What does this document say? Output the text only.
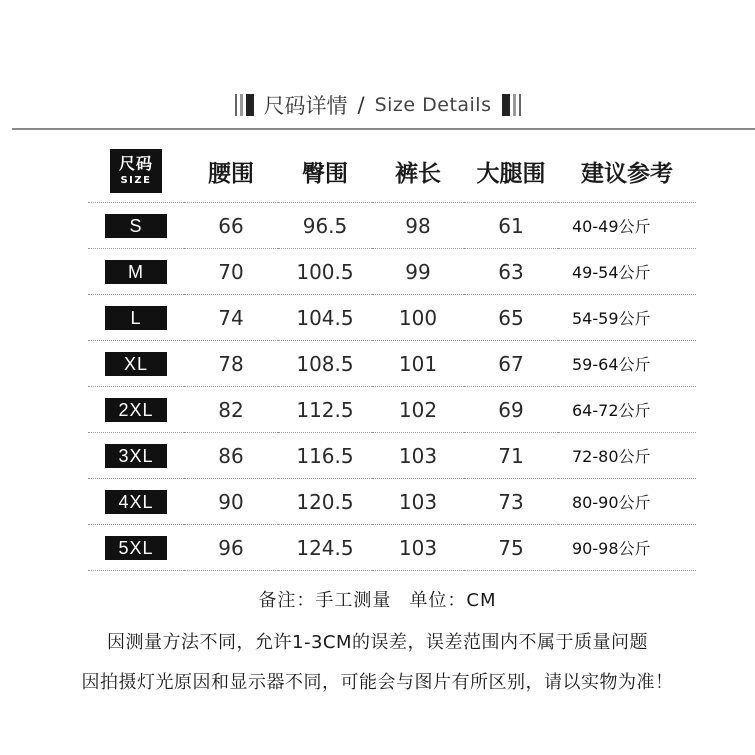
尺码详情 / Size Details
尺码
SIZE	腰围	臀围	裤长	大腿围	建议参考
S	66	96.5	98	61	40-49公斤
M	70	100.5	99	63	49-54公斤
L	74	104.5	100	65	54-59公斤
XL	78	108.5	101	67	59-64公斤
2XL	82	112.5	102	69	64-72公斤
3XL	86	116.5	103	71	72-80公斤
4XL	90	120.5	103	73	80-90公斤
5XL	96	124.5	103	75	90-98公斤

备注：手工测量 单位：CM

因测量方法不同，允许1-3CM的误差，误差范围内不属于质量问题

因拍摄灯光原因和显示器不同，可能会与图片有所区别，请以实物为准！
